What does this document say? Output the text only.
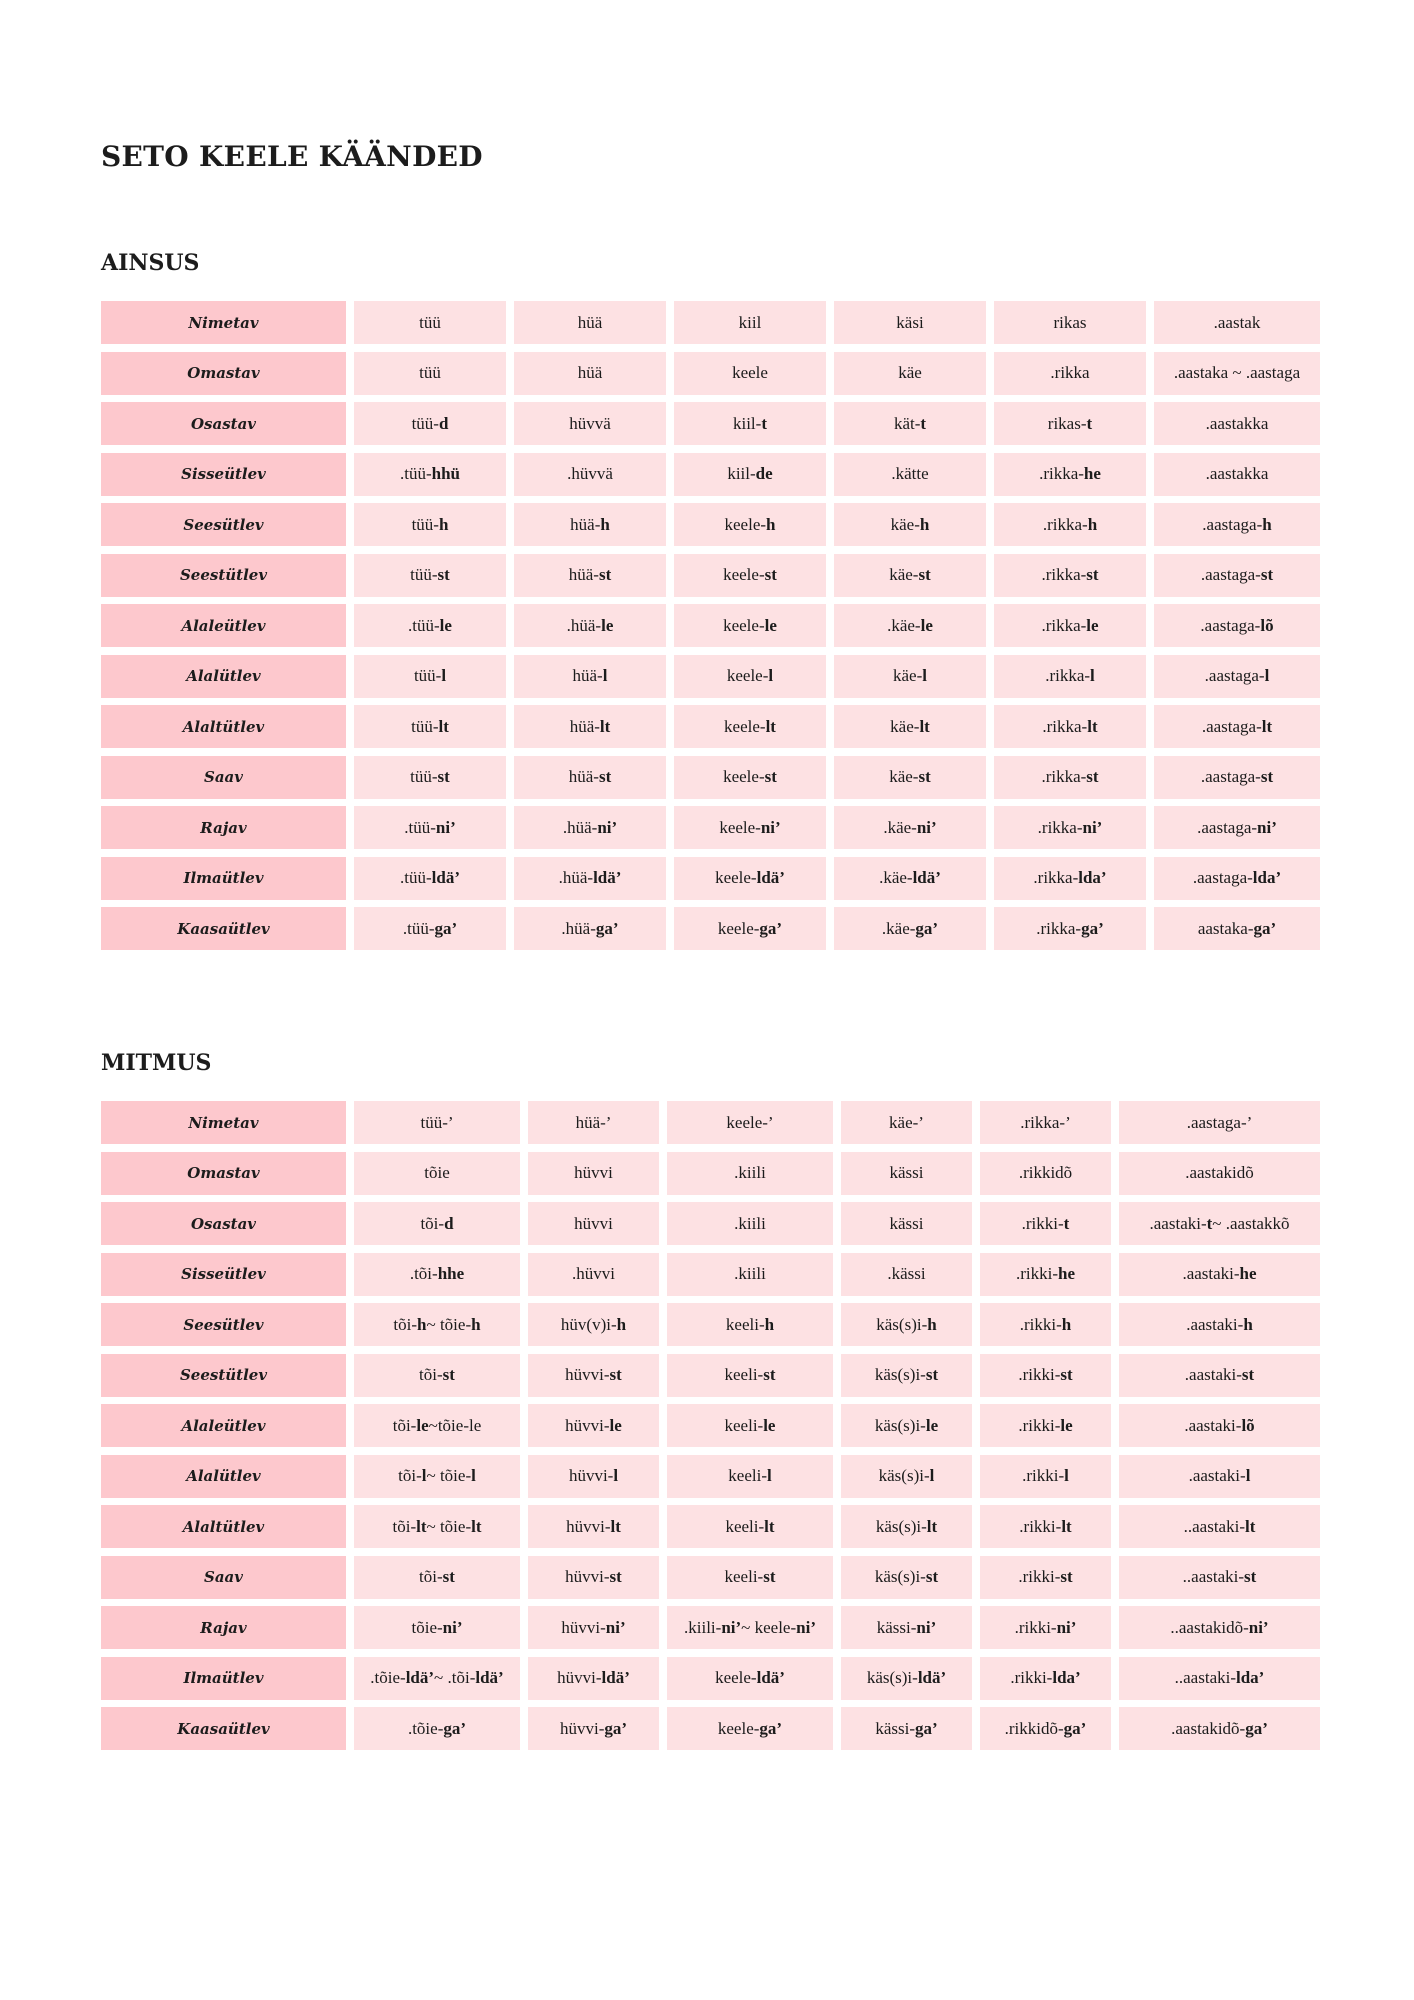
SETO KEELE KÄÄNDED
AINSUS
Nimetav	tüü	hüä	kiil	käsi	rikas	.aastak
Omastav	tüü	hüä	keele	käe	.rikka	.aastaka ~ .aastaga
Osastav	tüü- d	hüvvä	kiil- t	kät- t	rikas- t	.aastakka
Sisseütlev	.tüü- hhü	.hüvvä	kiil- de	.kätte	.rikka- he	.aastakka
Seesütlev	tüü- h	hüä- h	keele- h	käe- h	.rikka- h	.aastaga- h
Seestütlev	tüü- st	hüä- st	keele- st	käe- st	.rikka- st	.aastaga- st
Alaleütlev	.tüü- le	.hüä- le	keele- le	.käe- le	.rikka- le	.aastaga- lõ
Alalütlev	tüü- l	hüä- l	keele- l	käe- l	.rikka- l	.aastaga- l
Alaltütlev	tüü- lt	hüä- lt	keele- lt	käe- lt	.rikka- lt	.aastaga- lt
Saav	tüü- st	hüä- st	keele- st	käe- st	.rikka- st	.aastaga- st
Rajav	.tüü- ni’	.hüä- ni’	keele- ni’	.käe- ni’	.rikka- ni’	.aastaga- ni’
Ilmaütlev	.tüü- ldä’	.hüä- ldä’	keele- ldä’	.käe- ldä’	.rikka- lda’	.aastaga- lda’
Kaasaütlev	.tüü- ga’	.hüä- ga’	keele- ga’	.käe- ga’	.rikka- ga’	aastaka- ga’
MITMUS
Nimetav	tüü-’	hüä-’	keele-’	käe-’	.rikka-’	.aastaga-’
Omastav	tõie	hüvvi	.kiili	kässi	.rikkidõ	.aastakidõ
Osastav	tõi- d	hüvvi	.kiili	kässi	.rikki- t	.aastaki- t ~ .aastakkõ
Sisseütlev	.tõi- hhe	.hüvvi	.kiili	.kässi	.rikki- he	.aastaki- he
Seesütlev	tõi- h ~ tõie- h	hüv(v)i- h	keeli- h	käs(s)i- h	.rikki- h	.aastaki- h
Seestütlev	tõi- st	hüvvi- st	keeli- st	käs(s)i- st	.rikki- st	.aastaki- st
Alaleütlev	tõi- le ~tõie-le	hüvvi- le	keeli- le	käs(s)i- le	.rikki- le	.aastaki- lõ
Alalütlev	tõi- l ~ tõie- l	hüvvi- l	keeli- l	käs(s)i- l	.rikki- l	.aastaki- l
Alaltütlev	tõi- lt ~ tõie- lt	hüvvi- lt	keeli- lt	käs(s)i- lt	.rikki- lt	..aastaki- lt
Saav	tõi- st	hüvvi- st	keeli- st	käs(s)i- st	.rikki- st	..aastaki- st
Rajav	tõie- ni’	hüvvi- ni’	.kiili- ni’ ~ keele- ni’	kässi- ni’	.rikki- ni’	..aastakidõ- ni’
Ilmaütlev	.tõie- ldä’ ~ .tõi- ldä’	hüvvi- ldä’	keele- ldä’	käs(s)i- ldä’	.rikki- lda’	..aastaki- lda’
Kaasaütlev	.tõie- ga’	hüvvi- ga’	keele- ga’	kässi- ga’	.rikkidõ- ga’	.aastakidõ- ga’
